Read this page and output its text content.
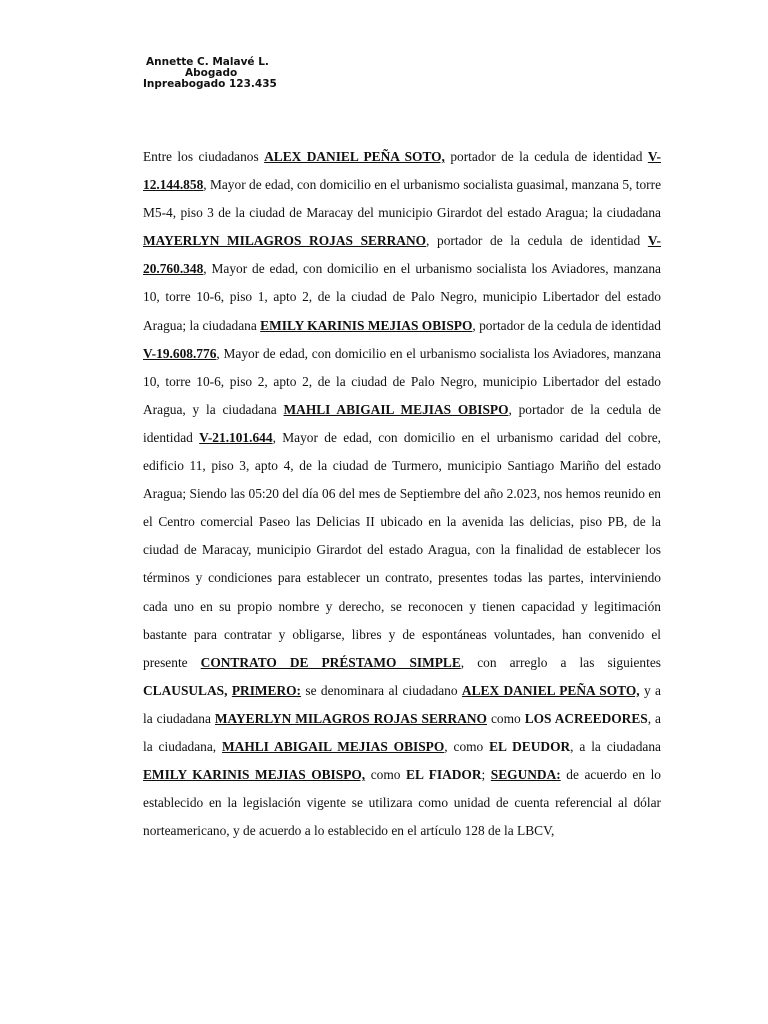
Annette C. Malavé L.
Abogado
Inpreabogado 123.435

Entre los ciudadanos ALEX DANIEL PEÑA SOTO, portador de la cedula de identidad V-12.144.858, Mayor de edad, con domicilio en el urbanismo socialista guasimal, manzana 5, torre M5-4, piso 3 de la ciudad de Maracay del municipio Girardot del estado Aragua; la ciudadana MAYERLYN MILAGROS ROJAS SERRANO, portador de la cedula de identidad V-20.760.348, Mayor de edad, con domicilio en el urbanismo socialista los Aviadores, manzana 10, torre 10-6, piso 1, apto 2, de la ciudad de Palo Negro, municipio Libertador del estado Aragua; la ciudadana EMILY KARINIS MEJIAS OBISPO, portador de la cedula de identidad V-19.608.776, Mayor de edad, con domicilio en el urbanismo socialista los Aviadores, manzana 10, torre 10-6, piso 2, apto 2, de la ciudad de Palo Negro, municipio Libertador del estado Aragua, y la ciudadana MAHLI ABIGAIL MEJIAS OBISPO, portador de la cedula de identidad V-21.101.644, Mayor de edad, con domicilio en el urbanismo caridad del cobre, edificio 11, piso 3, apto 4, de la ciudad de Turmero, municipio Santiago Mariño del estado Aragua; Siendo las 05:20 del día 06 del mes de Septiembre del año 2.023, nos hemos reunido en el Centro comercial Paseo las Delicias II ubicado en la avenida las delicias, piso PB, de la ciudad de Maracay, municipio Girardot del estado Aragua, con la finalidad de establecer los términos y condiciones para establecer un contrato, presentes todas las partes, interviniendo cada uno en su propio nombre y derecho, se reconocen y tienen capacidad y legitimación bastante para contratar y obligarse, libres y de espontáneas voluntades, han convenido el presente CONTRATO DE PRÉSTAMO SIMPLE, con arreglo a las siguientes CLAUSULAS, PRIMERO: se denominara al ciudadano ALEX DANIEL PEÑA SOTO, y a la ciudadana MAYERLYN MILAGROS ROJAS SERRANO como LOS ACREEDORES, a la ciudadana, MAHLI ABIGAIL MEJIAS OBISPO, como EL DEUDOR, a la ciudadana EMILY KARINIS MEJIAS OBISPO, como EL FIADOR; SEGUNDA: de acuerdo en lo establecido en la legislación vigente se utilizara como unidad de cuenta referencial al dólar norteamericano, y de acuerdo a lo establecido en el artículo 128 de la LBCV,
